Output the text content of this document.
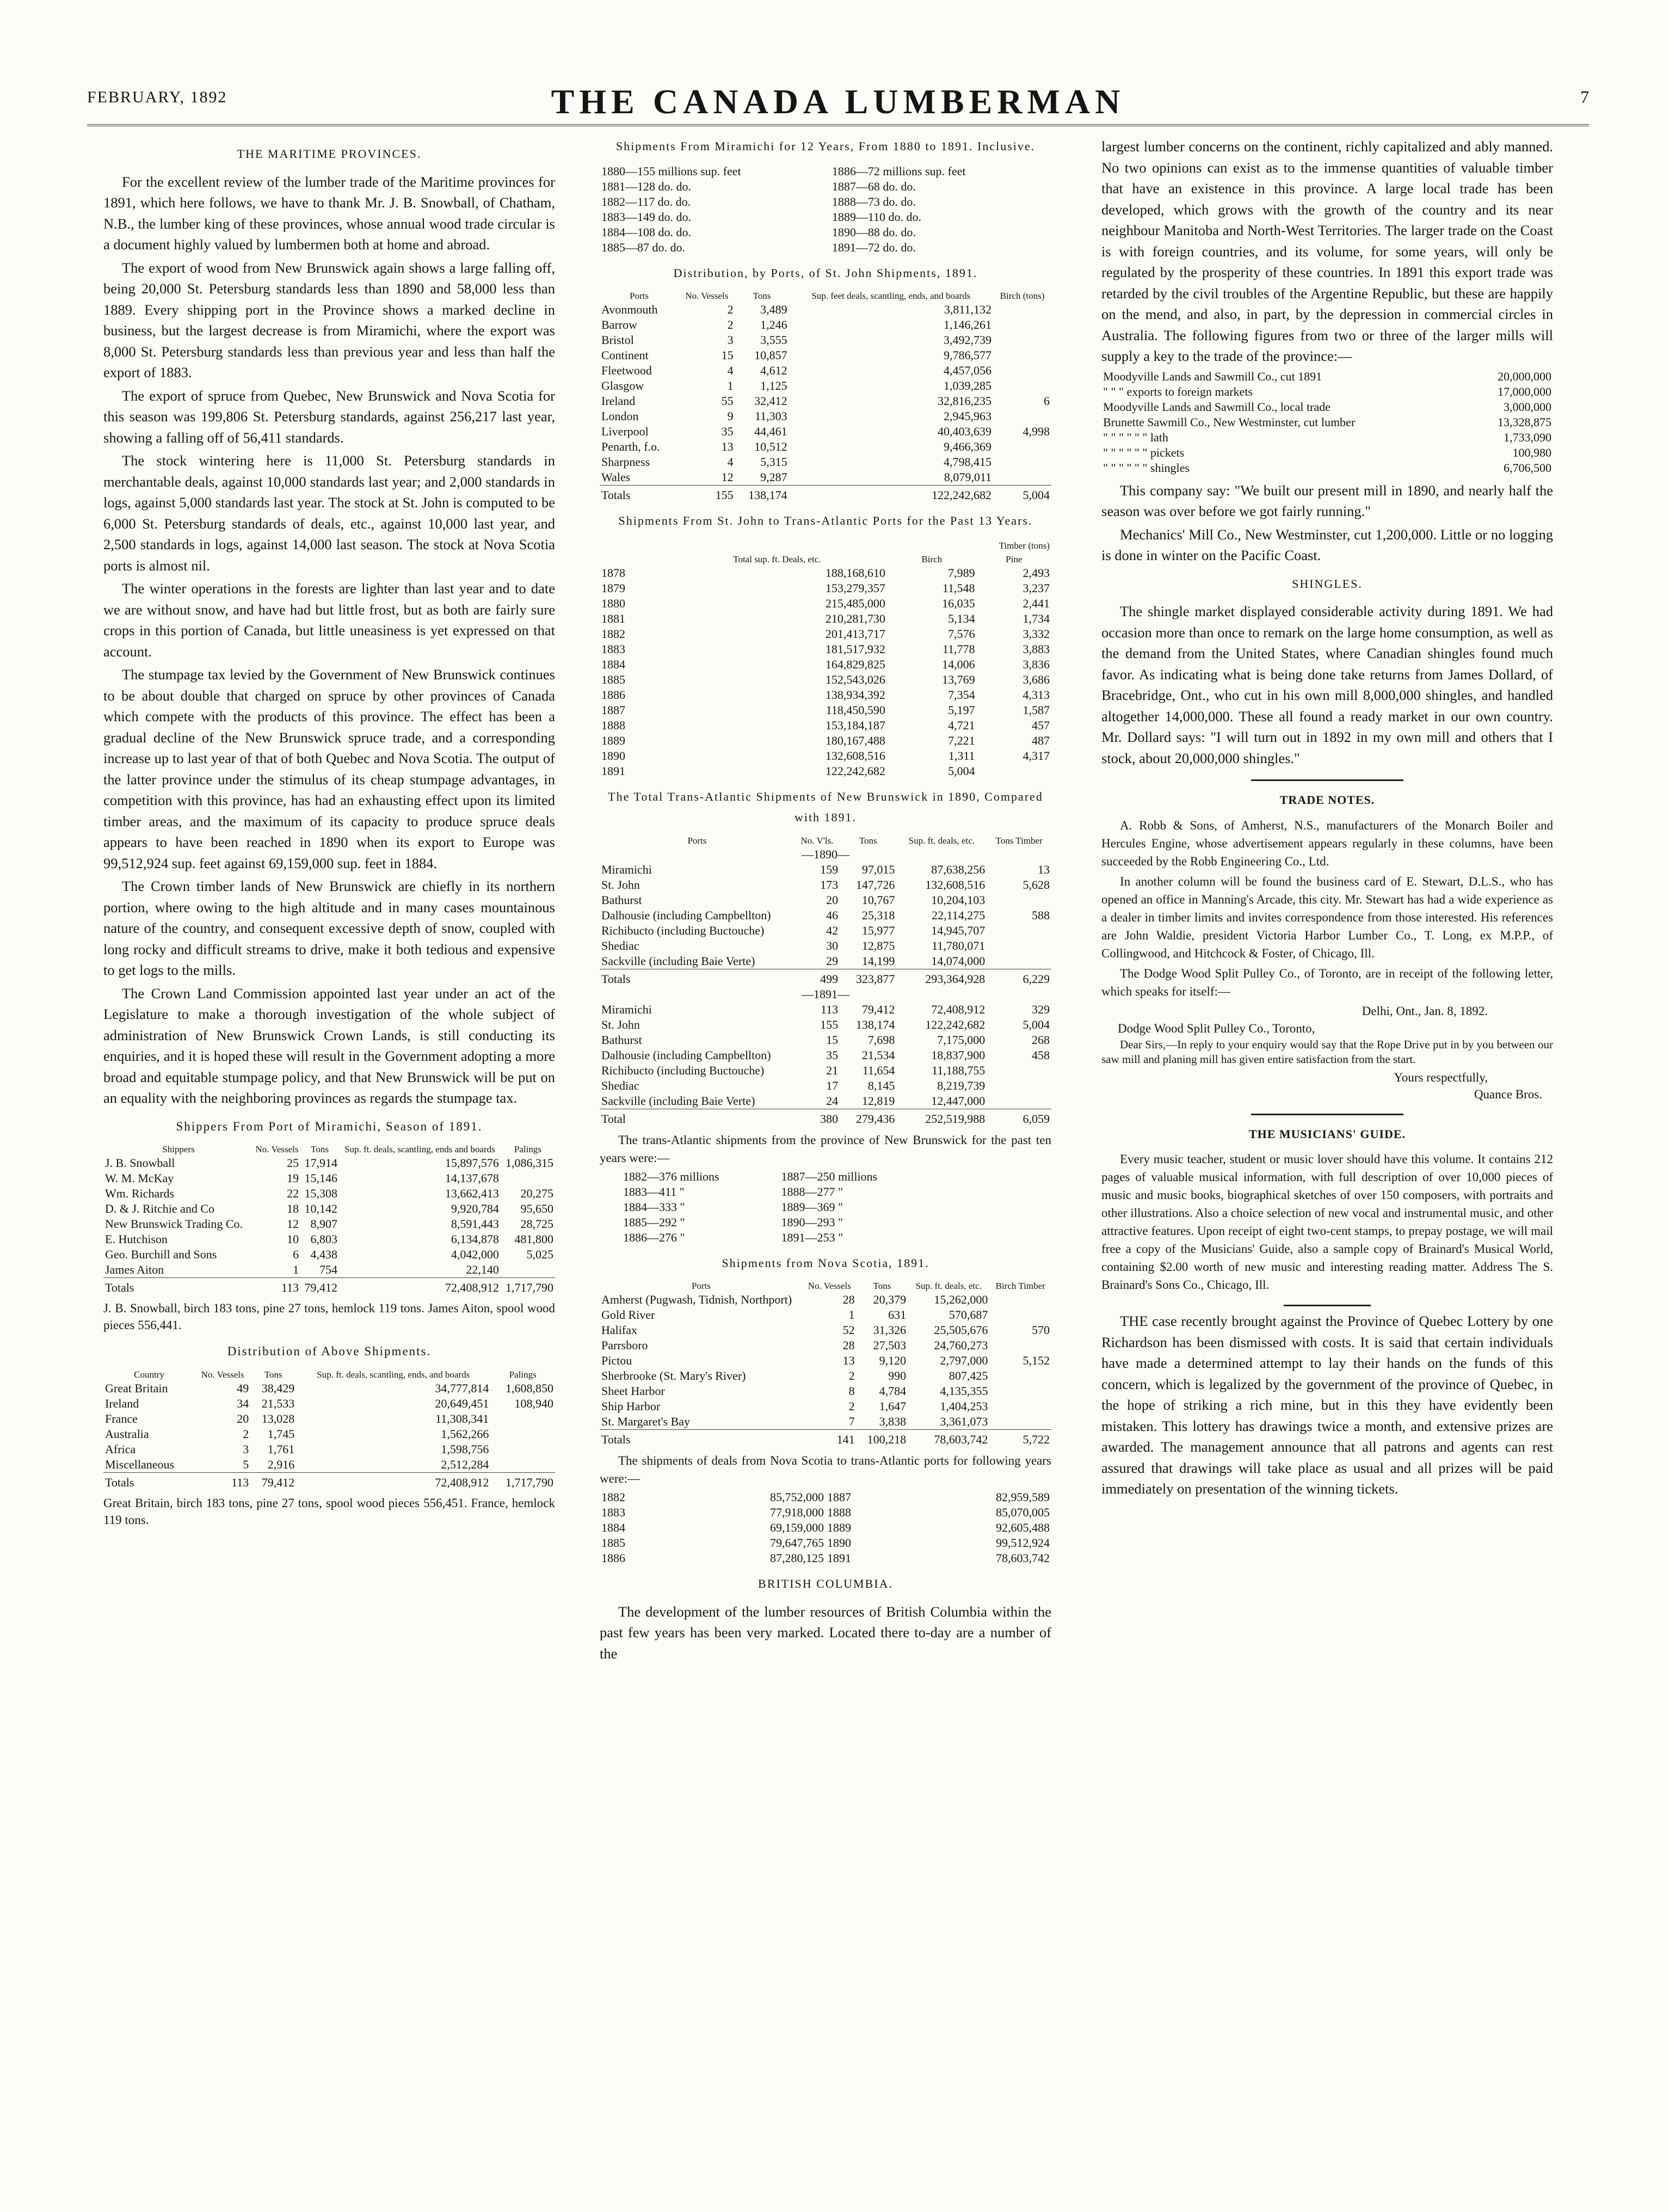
FEBRUARY, 1892	THE CANADA LUMBERMAN	7
THE MARITIME PROVINCES.

For the excellent review of the lumber trade of the Maritime provinces for 1891, which here follows, we have to thank Mr. J. B. Snowball, of Chatham, N.B., the lumber king of these provinces, whose annual wood trade circular is a document highly valued by lumbermen both at home and abroad.

The export of wood from New Brunswick again shows a large falling off, being 20,000 St. Petersburg standards less than 1890 and 58,000 less than 1889. Every shipping port in the Province shows a marked decline in business, but the largest decrease is from Miramichi, where the export was 8,000 St. Petersburg standards less than previous year and less than half the export of 1883.

The export of spruce from Quebec, New Brunswick and Nova Scotia for this season was 199,806 St. Petersburg standards, against 256,217 last year, showing a falling off of 56,411 standards.

The stock wintering here is 11,000 St. Petersburg standards in merchantable deals, against 10,000 standards last year; and 2,000 standards in logs, against 5,000 standards last year. The stock at St. John is computed to be 6,000 St. Petersburg standards of deals, etc., against 10,000 last year, and 2,500 standards in logs, against 14,000 last season. The stock at Nova Scotia ports is almost nil.

The winter operations in the forests are lighter than last year and to date we are without snow, and have had but little frost, but as both are fairly sure crops in this portion of Canada, but little uneasiness is yet expressed on that account.

The stumpage tax levied by the Government of New Brunswick continues to be about double that charged on spruce by other provinces of Canada which compete with the products of this province. The effect has been a gradual decline of the New Brunswick spruce trade, and a corresponding increase up to last year of that of both Quebec and Nova Scotia. The output of the latter province under the stimulus of its cheap stumpage advantages, in competition with this province, has had an exhausting effect upon its limited timber areas, and the maximum of its capacity to produce spruce deals appears to have been reached in 1890 when its export to Europe was 99,512,924 sup. feet against 69,159,000 sup. feet in 1884.

The Crown timber lands of New Brunswick are chiefly in its northern portion, where owing to the high altitude and in many cases mountainous nature of the country, and consequent excessive depth of snow, coupled with long rocky and difficult streams to drive, make it both tedious and expensive to get logs to the mills.

The Crown Land Commission appointed last year under an act of the Legislature to make a thorough investigation of the whole subject of administration of New Brunswick Crown Lands, is still conducting its enquiries, and it is hoped these will result in the Government adopting a more broad and equitable stumpage policy, and that New Brunswick will be put on an equality with the neighboring provinces as regards the stumpage tax.

Shippers From Port of Miramichi, Season of 1891.
Shippers	No. Vessels	Tons	Sup. ft. deals, scantling, ends and boards	Palings
J. B. Snowball	25	17,914	15,897,576	1,086,315
W. M. McKay	19	15,146	14,137,678	
Wm. Richards	22	15,308	13,662,413	20,275
D. & J. Ritchie and Co	18	10,142	9,920,784	95,650
New Brunswick Trading Co.	12	8,907	8,591,443	28,725
E. Hutchison	10	6,803	6,134,878	481,800
Geo. Burchill and Sons	6	4,438	4,042,000	5,025
James Aiton	1	754	22,140	
Totals	113	79,412	72,408,912	1,717,790

J. B. Snowball, birch 183 tons, pine 27 tons, hemlock 119 tons. James Aiton, spool wood pieces 556,441.

Distribution of Above Shipments.
Country	No. Vessels	Tons	Sup. ft. deals, scantling, ends, and boards	Palings
Great Britain	49	38,429	34,777,814	1,608,850
Ireland	34	21,533	20,649,451	108,940
France	20	13,028	11,308,341	
Australia	2	1,745	1,562,266	
Africa	3	1,761	1,598,756	
Miscellaneous	5	2,916	2,512,284	
Totals	113	79,412	72,408,912	1,717,790

Great Britain, birch 183 tons, pine 27 tons, spool wood pieces 556,451. France, hemlock 119 tons.

Shipments From Miramichi for 12 Years, From 1880 to 1891. Inclusive.
1880—155 millions sup. feet	1886—72 millions sup. feet
1881—128 do. do.	1887—68 do. do.
1882—117 do. do.	1888—73 do. do.
1883—149 do. do.	1889—110 do. do.
1884—108 do. do.	1890—88 do. do.
1885—87 do. do.	1891—72 do. do.
Distribution, by Ports, of St. John Shipments, 1891.
Ports	No. Vessels	Tons	Sup. feet deals, scantling, ends, and boards	Birch (tons)
Avonmouth	2	3,489	3,811,132	
Barrow	2	1,246	1,146,261	
Bristol	3	3,555	3,492,739	
Continent	15	10,857	9,786,577	
Fleetwood	4	4,612	4,457,056	
Glasgow	1	1,125	1,039,285	
Ireland	55	32,412	32,816,235	6
London	9	11,303	2,945,963	
Liverpool	35	44,461	40,403,639	4,998
Penarth, f.o.	13	10,512	9,466,369	
Sharpness	4	5,315	4,798,415	
Wales	12	9,287	8,079,011	
Totals	155	138,174	122,242,682	5,004
Shipments From St. John to Trans-Atlantic Ports for the Past 13 Years.
Timber (tons)			
	Total sup. ft. Deals, etc.	Birch	Pine
1878	188,168,610	7,989	2,493
1879	153,279,357	11,548	3,237
1880	215,485,000	16,035	2,441
1881	210,281,730	5,134	1,734
1882	201,413,717	7,576	3,332
1883	181,517,932	11,778	3,883
1884	164,829,825	14,006	3,836
1885	152,543,026	13,769	3,686
1886	138,934,392	7,354	4,313
1887	118,450,590	5,197	1,587
1888	153,184,187	4,721	457
1889	180,167,488	7,221	487
1890	132,608,516	1,311	4,317
1891	122,242,682	5,004	
The Total Trans-Atlantic Shipments of New Brunswick in 1890, Compared with 1891.
Ports	No. V'ls.	Tons	Sup. ft. deals, etc.	Tons Timber
—1890—				
Miramichi	159	97,015	87,638,256	13
St. John	173	147,726	132,608,516	5,628
Bathurst	20	10,767	10,204,103	
Dalhousie (including Campbellton)	46	25,318	22,114,275	588
Richibucto (including Buctouche)	42	15,977	14,945,707	
Shediac	30	12,875	11,780,071	
Sackville (including Baie Verte)	29	14,199	14,074,000	
Totals	499	323,877	293,364,928	6,229
—1891—				
Miramichi	113	79,412	72,408,912	329
St. John	155	138,174	122,242,682	5,004
Bathurst	15	7,698	7,175,000	268
Dalhousie (including Campbellton)	35	21,534	18,837,900	458
Richibucto (including Buctouche)	21	11,654	11,188,755	
Shediac	17	8,145	8,219,739	
Sackville (including Baie Verte)	24	12,819	12,447,000	
Total	380	279,436	252,519,988	6,059

The trans-Atlantic shipments from the province of New Brunswick for the past ten years were:—

1882—376 millions	1887—250 millions
1883—411 "	1888—277 "
1884—333 "	1889—369 "
1885—292 "	1890—293 "
1886—276 "	1891—253 "
Shipments from Nova Scotia, 1891.
Ports	No. Vessels	Tons	Sup. ft. deals, etc.	Birch Timber
Amherst (Pugwash, Tidnish, Northport)	28	20,379	15,262,000	
Gold River	1	631	570,687	
Halifax	52	31,326	25,505,676	570
Parrsboro	28	27,503	24,760,273	
Pictou	13	9,120	2,797,000	5,152
Sherbrooke (St. Mary's River)	2	990	807,425	
Sheet Harbor	8	4,784	4,135,355	
Ship Harbor	2	1,647	1,404,253	
St. Margaret's Bay	7	3,838	3,361,073	
Totals	141	100,218	78,603,742	5,722

The shipments of deals from Nova Scotia to trans-Atlantic ports for following years were:—

1882	85,752,000	1887	82,959,589
1883	77,918,000	1888	85,070,005
1884	69,159,000	1889	92,605,488
1885	79,647,765	1890	99,512,924
1886	87,280,125	1891	78,603,742
BRITISH COLUMBIA.

The development of the lumber resources of British Columbia within the past few years has been very marked. Located there to-day are a number of the

largest lumber concerns on the continent, richly capitalized and ably manned. No two opinions can exist as to the immense quantities of valuable timber that have an existence in this province. A large local trade has been developed, which grows with the growth of the country and its near neighbour Manitoba and North-West Territories. The larger trade on the Coast is with foreign countries, and its volume, for some years, will only be regulated by the prosperity of these countries. In 1891 this export trade was retarded by the civil troubles of the Argentine Republic, but these are happily on the mend, and also, in part, by the depression in commercial circles in Australia. The following figures from two or three of the larger mills will supply a key to the trade of the province:—

Moodyville Lands and Sawmill Co., cut 1891	20,000,000
" " " exports to foreign markets	17,000,000
Moodyville Lands and Sawmill Co., local trade	3,000,000
Brunette Sawmill Co., New Westminster, cut lumber	13,328,875
" " " " " " lath	1,733,090
" " " " " " pickets	100,980
" " " " " " shingles	6,706,500

This company say: "We built our present mill in 1890, and nearly half the season was over before we got fairly running."

Mechanics' Mill Co., New Westminster, cut 1,200,000. Little or no logging is done in winter on the Pacific Coast.

SHINGLES.

The shingle market displayed considerable activity during 1891. We had occasion more than once to remark on the large home consumption, as well as the demand from the United States, where Canadian shingles found much favor. As indicating what is being done take returns from James Dollard, of Bracebridge, Ont., who cut in his own mill 8,000,000 shingles, and handled altogether 14,000,000. These all found a ready market in our own country. Mr. Dollard says: "I will turn out in 1892 in my own mill and others that I stock, about 20,000,000 shingles."

TRADE NOTES.

A. Robb & Sons, of Amherst, N.S., manufacturers of the Monarch Boiler and Hercules Engine, whose advertisement appears regularly in these columns, have been succeeded by the Robb Engineering Co., Ltd.

In another column will be found the business card of E. Stewart, D.L.S., who has opened an office in Manning's Arcade, this city. Mr. Stewart has had a wide experience as a dealer in timber limits and invites correspondence from those interested. His references are John Waldie, president Victoria Harbor Lumber Co., T. Long, ex M.P.P., of Collingwood, and Hitchcock & Foster, of Chicago, Ill.

The Dodge Wood Split Pulley Co., of Toronto, are in receipt of the following letter, which speaks for itself:—

Delhi, Ont., Jan. 8, 1892.
Dodge Wood Split Pulley Co., Toronto,

Dear Sirs,—In reply to your enquiry would say that the Rope Drive put in by you between our saw mill and planing mill has given entire satisfaction from the start.

Yours respectfully,
Quance Bros.
THE MUSICIANS' GUIDE.

Every music teacher, student or music lover should have this volume. It contains 212 pages of valuable musical information, with full description of over 10,000 pieces of music and music books, biographical sketches of over 150 composers, with portraits and other illustrations. Also a choice selection of new vocal and instrumental music, and other attractive features. Upon receipt of eight two-cent stamps, to prepay postage, we will mail free a copy of the Musicians' Guide, also a sample copy of Brainard's Musical World, containing $2.00 worth of new music and interesting reading matter. Address The S. Brainard's Sons Co., Chicago, Ill.

THE case recently brought against the Province of Quebec Lottery by one Richardson has been dismissed with costs. It is said that certain individuals have made a determined attempt to lay their hands on the funds of this concern, which is legalized by the government of the province of Quebec, in the hope of striking a rich mine, but in this they have evidently been mistaken. This lottery has drawings twice a month, and extensive prizes are awarded. The management announce that all patrons and agents can rest assured that drawings will take place as usual and all prizes will be paid immediately on presentation of the winning tickets.
